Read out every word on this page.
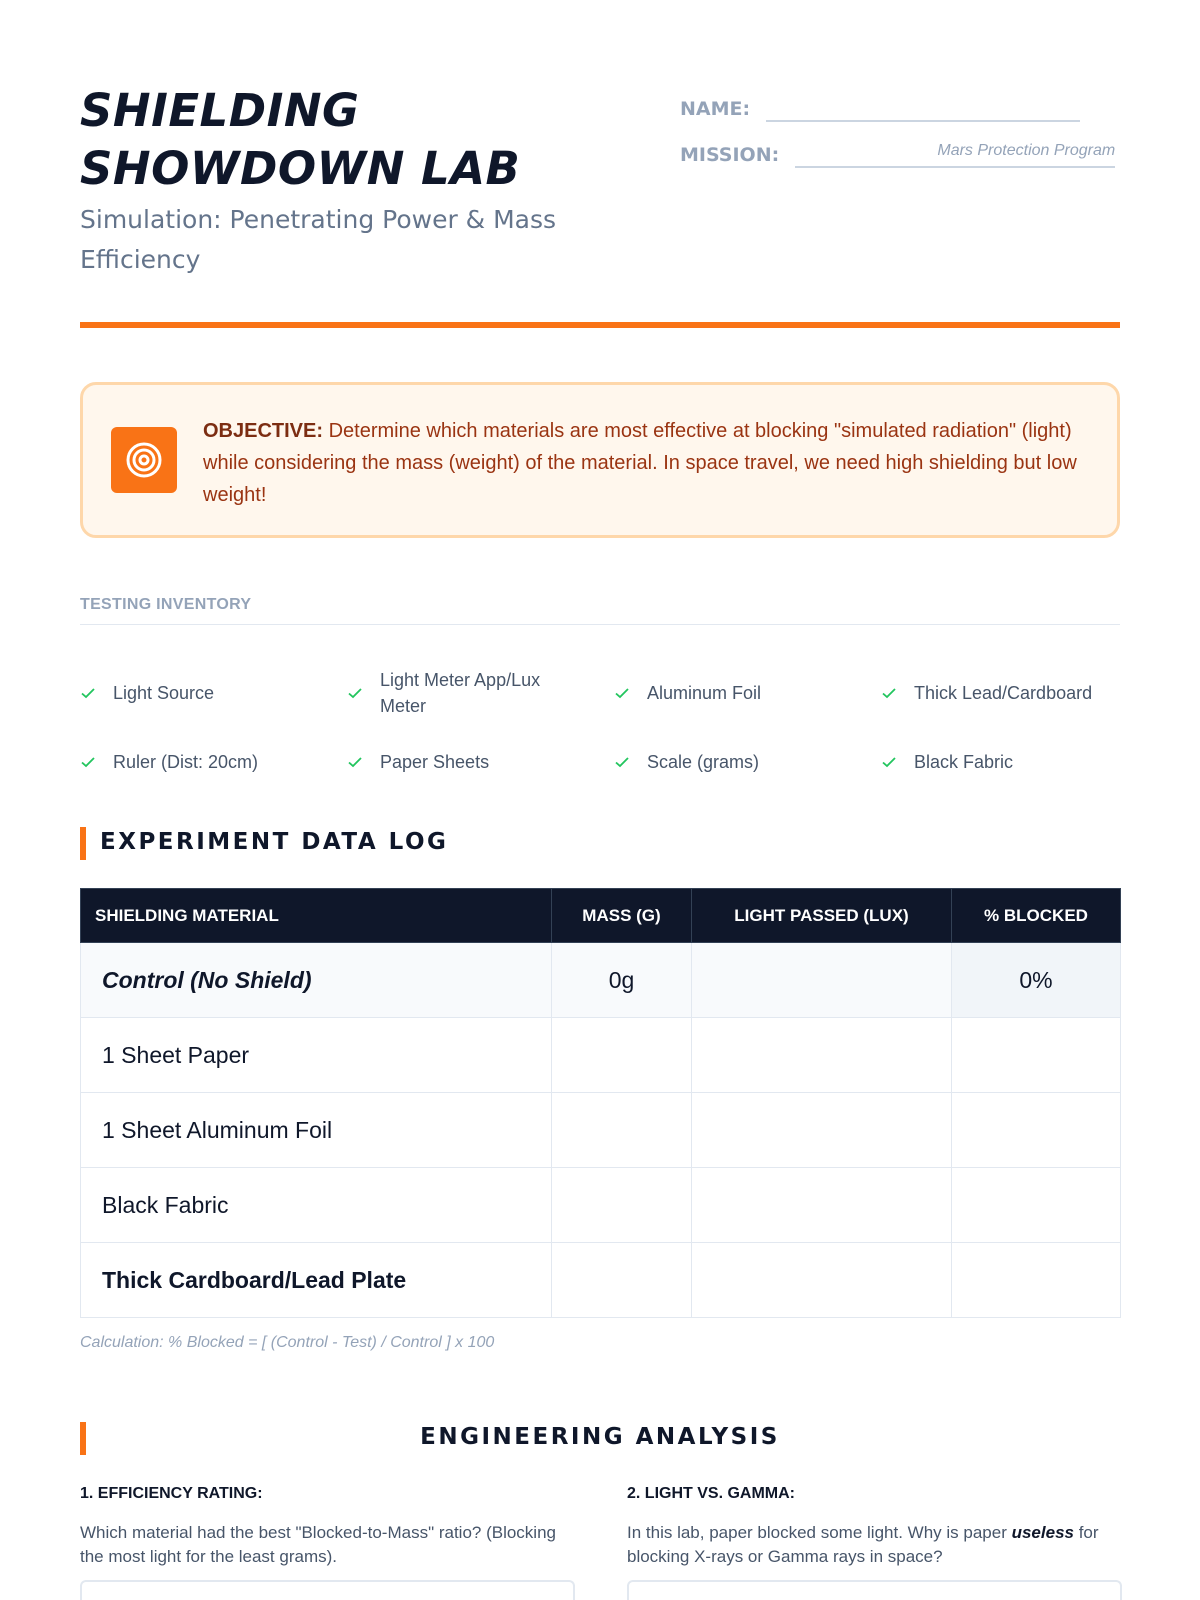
SHIELDING
SHOWDOWN LAB
Simulation: Penetrating Power & Mass Efficiency
NAME:
MISSION:	Mars Protection Program
OBJECTIVE: Determine which materials are most effective at blocking "simulated radiation" (light) while considering the mass (weight) of the material. In space travel, we need high shielding but low weight!
TESTING INVENTORY
Light Source
Light Meter App/Lux Meter
Aluminum Foil	Thick Lead/Cardboard
Ruler (Dist: 20cm)	Paper Sheets	Scale (grams)	Black Fabric
EXPERIMENT DATA LOG
SHIELDING MATERIAL	MASS (G)	LIGHT PASSED (LUX)	% BLOCKED
Control (No Shield)	0g		0%
1 Sheet Paper			
1 Sheet Aluminum Foil			
Black Fabric			
Thick Cardboard/Lead Plate			
Calculation: % Blocked = [ (Control - Test) / Control ] x 100
ENGINEERING ANALYSIS
1. EFFICIENCY RATING:
Which material had the best "Blocked-to-Mass" ratio? (Blocking the most light for the least grams).
2. LIGHT VS. GAMMA:
In this lab, paper blocked some light. Why is paper useless for blocking X-rays or Gamma rays in space?
